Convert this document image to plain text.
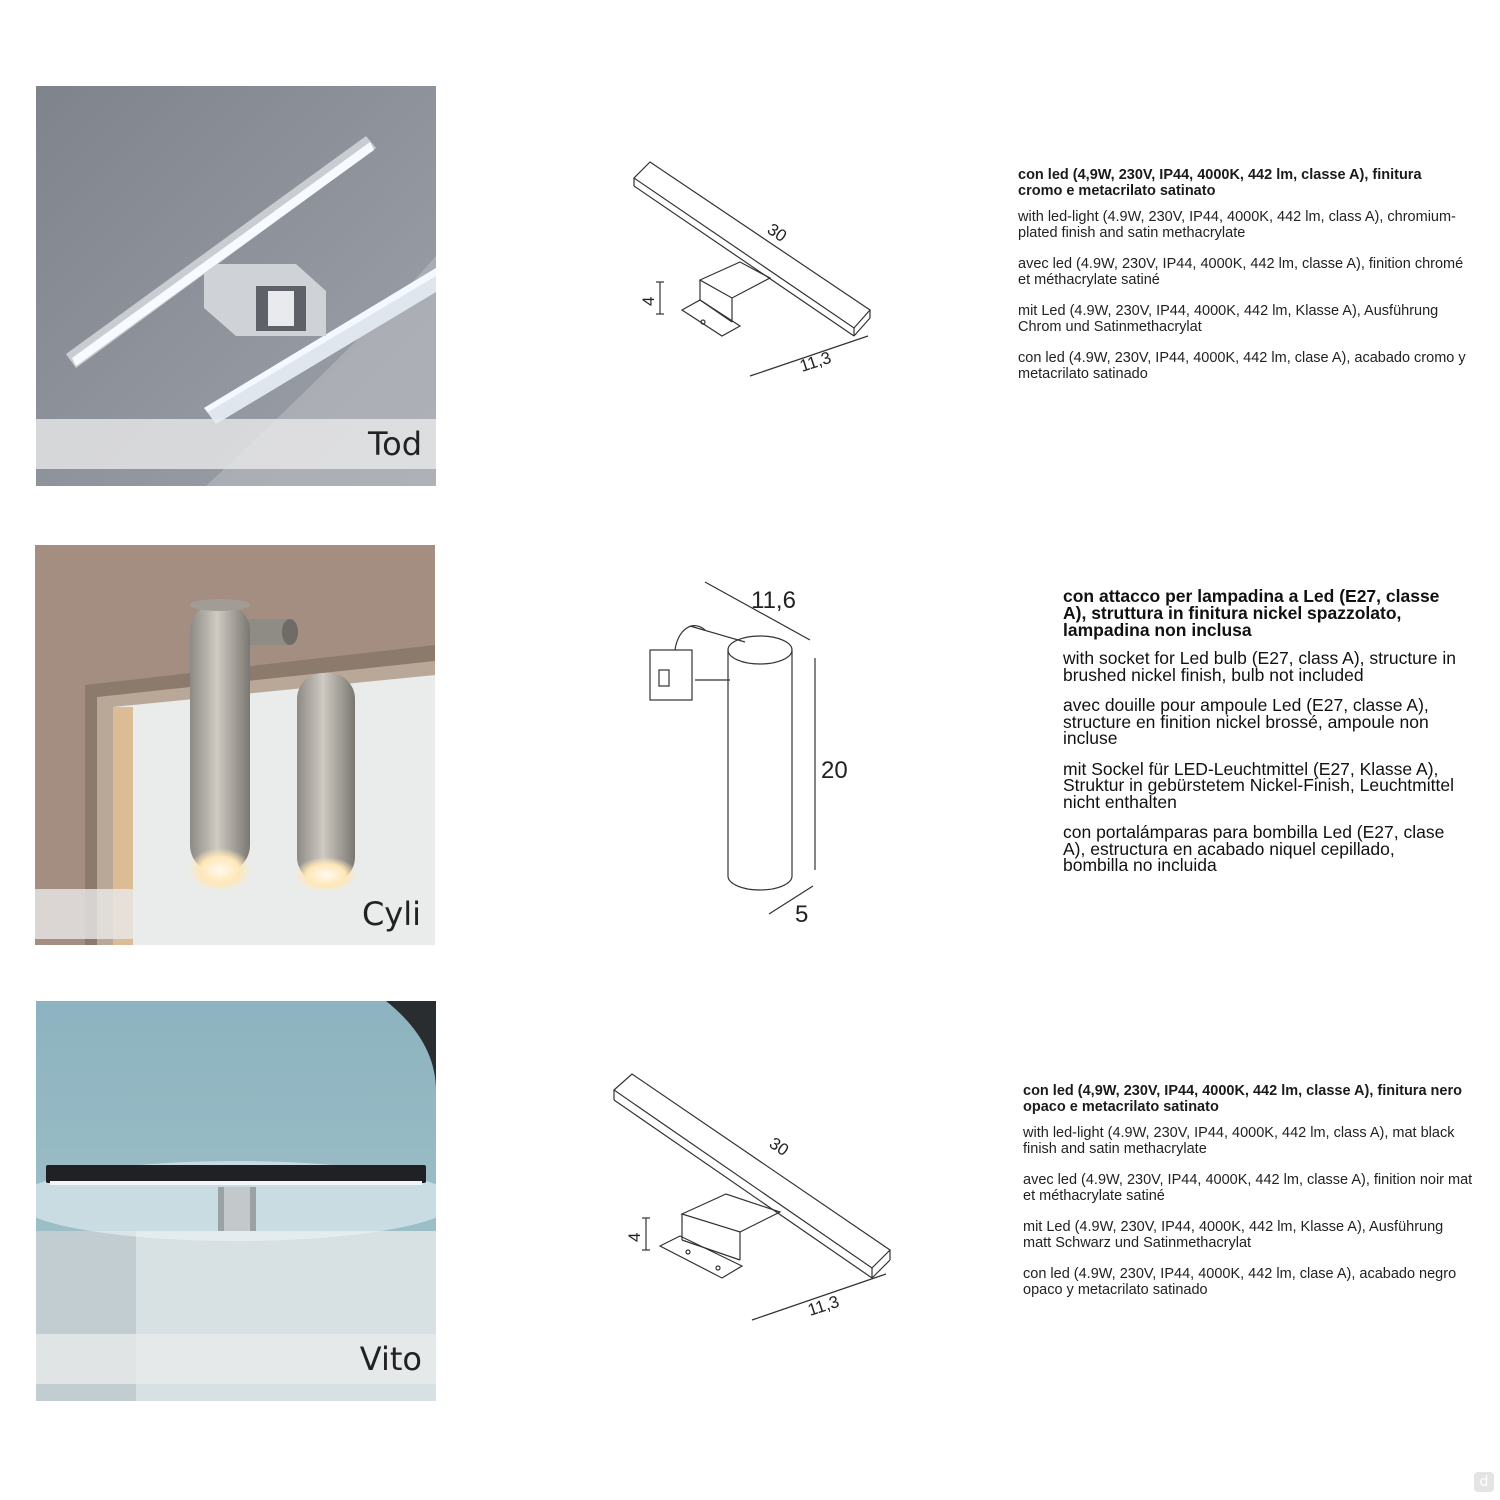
Tod
30
4
11,3

con led (4,9W, 230V, IP44, 4000K, 442 lm, classe A), finitura cromo e metacrilato satinato

with led-light (4.9W, 230V, IP44, 4000K, 442 lm, class A), chromium-plated finish and satin methacrylate

avec led (4.9W, 230V, IP44, 4000K, 442 lm, classe A), finition chromé et méthacrylate satiné

mit Led (4.9W, 230V, IP44, 4000K, 442 lm, Klasse A), Ausführung Chrom und Satinmethacrylat

con led (4.9W, 230V, IP44, 4000K, 442 lm, clase A), acabado cromo y metacrilato satinado

Cyli
11,6
20
5

con attacco per lampadina a Led (E27, classe A), struttura in finitura nickel spazzolato, lampadina non inclusa

with socket for Led bulb (E27, class A), structure in brushed nickel finish, bulb not included

avec douille pour ampoule Led (E27, classe A), structure en finition nickel brossé, ampoule non incluse

mit Sockel für LED-Leuchtmittel (E27, Klasse A), Struktur in gebürstetem Nickel-Finish, Leuchtmittel nicht enthalten

con portalámparas para bombilla Led (E27, clase A), estructura en acabado niquel cepillado, bombilla no incluida

Vito
30
4
11,3

con led (4,9W, 230V, IP44, 4000K, 442 lm, classe A), finitura nero opaco e metacrilato satinato

with led-light (4.9W, 230V, IP44, 4000K, 442 lm, class A), mat black finish and satin methacrylate

avec led (4.9W, 230V, IP44, 4000K, 442 lm, classe A), finition noir mat et méthacrylate satiné

mit Led (4.9W, 230V, IP44, 4000K, 442 lm, Klasse A), Ausführung matt Schwarz und Satinmethacrylat

con led (4.9W, 230V, IP44, 4000K, 442 lm, clase A), acabado negro opaco y metacrilato satinado

d
